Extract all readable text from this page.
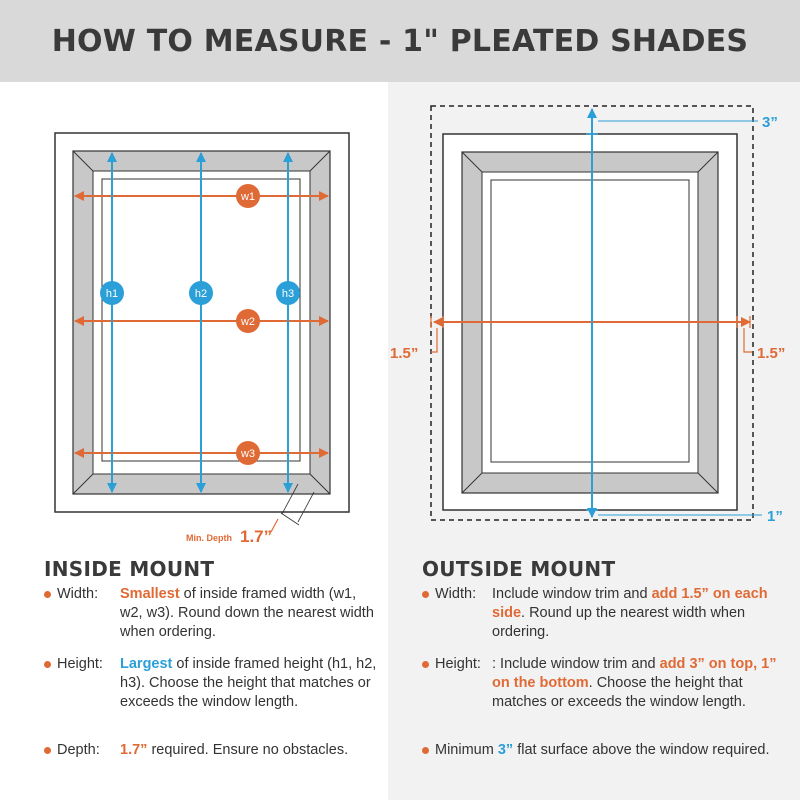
HOW TO MEASURE - 1" PLEATED SHADES
w1
w2
w3
h1	h2	h3
Min. Depth 1.7”
1.5”	1.5”
3”
1”
INSIDE MOUNT
Width: Smallest of inside framed width (w1, w2, w3). Round down the nearest width when ordering.
Height: Largest of inside framed height (h1, h2, h3). Choose the height that matches or exceeds the window length.
Depth: 1.7” required. Ensure no obstacles.
OUTSIDE MOUNT
Width: Include window trim and add 1.5” on each side. Round up the nearest width when ordering.
Height: : Include window trim and add 3” on top, 1” on the bottom. Choose the height that matches or exceeds the window length.
Minimum 3” flat surface above the window required.
